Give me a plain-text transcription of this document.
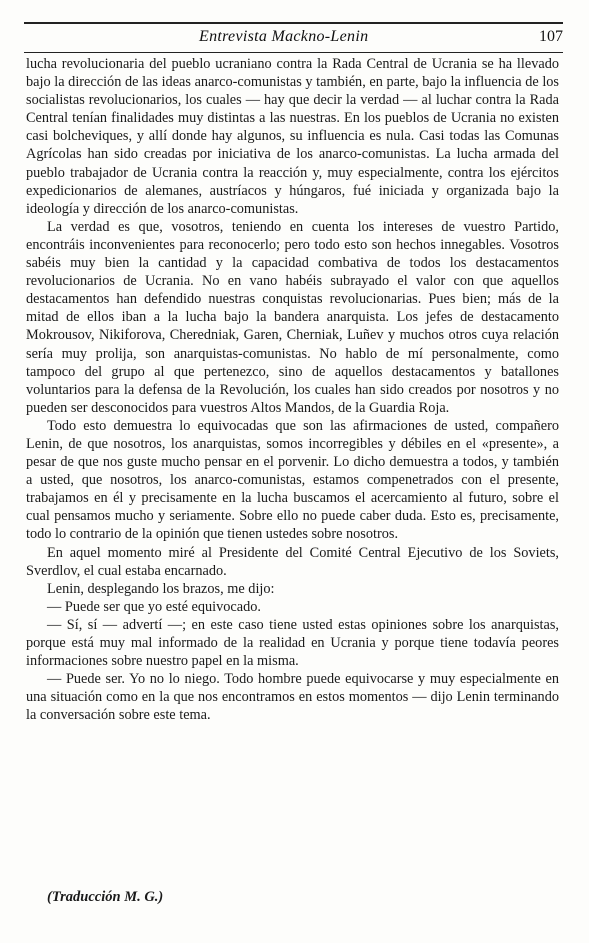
Entrevista Mackno-Lenin	107

lucha revolucionaria del pueblo ucraniano contra la Rada Central de Ucrania se ha llevado bajo la dirección de las ideas anarco-comunistas y también, en parte, bajo la influencia de los socialistas revolucionarios, los cuales — hay que decir la verdad — al luchar contra la Rada Central tenían finalidades muy distintas a las nuestras. En los pueblos de Ucrania no existen casi bolcheviques, y allí donde hay algunos, su influencia es nula. Casi todas las Comunas Agrícolas han sido creadas por iniciativa de los anarco-comunistas. La lucha armada del pueblo trabajador de Ucrania contra la reacción y, muy especialmente, contra los ejércitos expedicionarios de alemanes, austríacos y húngaros, fué iniciada y organizada bajo la ideología y dirección de los anarco-comunistas.

La verdad es que, vosotros, teniendo en cuenta los intereses de vuestro Partido, encontráis inconvenientes para reconocerlo; pero todo esto son hechos innegables. Vosotros sabéis muy bien la cantidad y la capacidad combativa de todos los destacamentos revolucionarios de Ucrania. No en vano habéis subrayado el valor con que aquellos destacamentos han defendido nuestras conquistas revolucionarias. Pues bien; más de la mitad de ellos iban a la lucha bajo la bandera anarquista. Los jefes de destacamento Mokrousov, Nikiforova, Cheredniak, Garen, Cherniak, Luñev y muchos otros cuya relación sería muy prolija, son anarquistas-comunistas. No hablo de mí personalmente, como tampoco del grupo al que pertenezco, sino de aquellos destacamentos y batallones voluntarios para la defensa de la Revolución, los cuales han sido creados por nosotros y no pueden ser desconocidos para vuestros Altos Mandos, de la Guardia Roja.

Todo esto demuestra lo equivocadas que son las afirmaciones de usted, compañero Lenin, de que nosotros, los anarquistas, somos incorregibles y débiles en el «presente», a pesar de que nos guste mucho pensar en el porvenir. Lo dicho demuestra a todos, y también a usted, que nosotros, los anarco-comunistas, estamos compenetrados con el presente, trabajamos en él y precisamente en la lucha buscamos el acercamiento al futuro, sobre el cual pensamos mucho y seriamente. Sobre ello no puede caber duda. Esto es, precisamente, todo lo contrario de la opinión que tienen ustedes sobre nosotros.

En aquel momento miré al Presidente del Comité Central Ejecutivo de los Soviets, Sverdlov, el cual estaba encarnado.

Lenin, desplegando los brazos, me dijo:

— Puede ser que yo esté equivocado.

— Sí, sí — advertí —; en este caso tiene usted estas opiniones sobre los anarquistas, porque está muy mal informado de la realidad en Ucrania y porque tiene todavía peores informaciones sobre nuestro papel en la misma.

— Puede ser. Yo no lo niego. Todo hombre puede equivocarse y muy especialmente en una situación como en la que nos encontramos en estos momentos — dijo Lenin terminando la conversación sobre este tema.

(Traducción M. G.)
